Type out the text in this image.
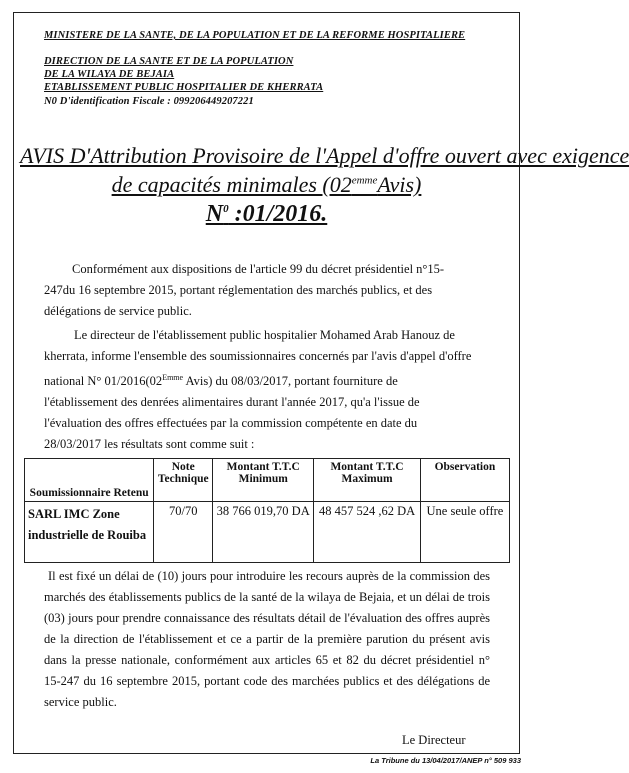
MINISTERE DE LA SANTE, DE LA POPULATION ET DE LA REFORME HOSPITALIERE
DIRECTION DE LA SANTE ET DE LA POPULATION
DE LA WILAYA DE BEJAIA
ETABLISSEMENT PUBLIC HOSPITALIER DE KHERRATA
N0 D'identification Fiscale : 099206449207221
AVIS D'Attribution Provisoire de l'Appel d'offre ouvert avec exigence
de capacités minimales $(02^{emme}Avis)$
$N^0$ :01/2016.

Conformément aux dispositions de l'article 99 du décret présidentiel n°15-247du 16 septembre 2015, portant réglementation des marchés publics, et des délégations de service public.

Le directeur de l'établissement public hospitalier Mohamed Arab Hanouz de kherrata, informe l'ensemble des soumissionnaires concernés par l'avis d'appel d'offre national N° $01/2016(02^{Emme}$ Avis) du 08/03/2017, portant fourniture de l'établissement des denrées alimentaires durant l'année 2017, qu'a l'issue de l'évaluation des offres effectuées par la commission compétente en date du 28/03/2017 les résultats sont comme suit :

Soumissionnaire Retenu	Note Technique	Montant T.T.C Minimum	Montant T.T.C Maximum	Observation
SARL IMC Zone industrielle de Rouiba	70/70	38 766 019,70 DA	48 457 524 ,62 DA	Une seule offre

Il est fixé un délai de (10) jours pour introduire les recours auprès de la commission des marchés des établissements publics de la santé de la wilaya de Bejaia, et un délai de trois (03) jours pour prendre connaissance des résultats détail de l'évaluation des offres auprès de la direction de l'établissement et ce a partir de la première parution du présent avis dans la presse nationale, conformément aux articles 65 et 82 du décret présidentiel n° 15-247 du 16 septembre 2015, portant code des marchées publics et des délégations de service public.

Le Directeur
La Tribune du 13/04/2017/ANEP n° 509 933
